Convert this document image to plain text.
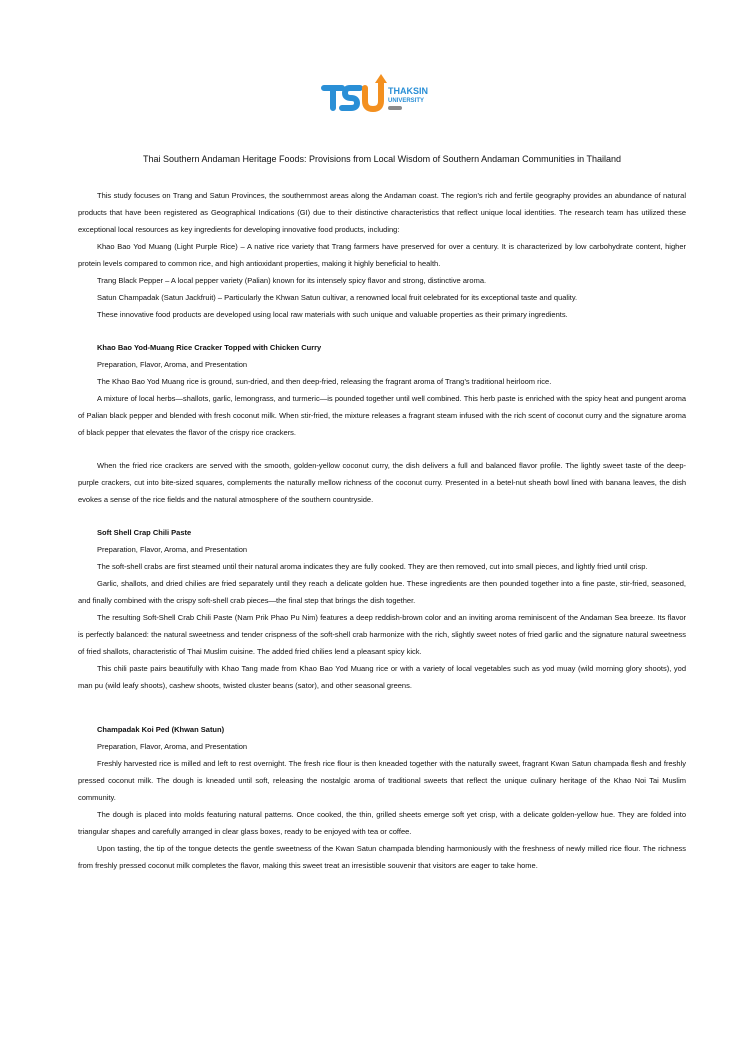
THAKSIN
UNIVERSITY
Thai Southern Andaman Heritage Foods: Provisions from Local Wisdom of Southern Andaman Communities in Thailand

This study focuses on Trang and Satun Provinces, the southernmost areas along the Andaman coast. The region’s rich and fertile geography provides an abundance of natural products that have been registered as Geographical Indications (GI) due to their distinctive characteristics that reflect unique local identities. The research team has utilized these exceptional local resources as key ingredients for developing innovative food products, including:

Khao Bao Yod Muang (Light Purple Rice) – A native rice variety that Trang farmers have preserved for over a century. It is characterized by low carbohydrate content, higher protein levels compared to common rice, and high antioxidant properties, making it highly beneficial to health.

Trang Black Pepper – A local pepper variety (Palian) known for its intensely spicy flavor and strong, distinctive aroma.

Satun Champadak (Satun Jackfruit) – Particularly the Khwan Satun cultivar, a renowned local fruit celebrated for its exceptional taste and quality.

These innovative food products are developed using local raw materials with such unique and valuable properties as their primary ingredients.

Khao Bao Yod-Muang Rice Cracker Topped with Chicken Curry

Preparation, Flavor, Aroma, and Presentation

The Khao Bao Yod Muang rice is ground, sun-dried, and then deep-fried, releasing the fragrant aroma of Trang’s traditional heirloom rice.

A mixture of local herbs—shallots, garlic, lemongrass, and turmeric—is pounded together until well combined. This herb paste is enriched with the spicy heat and pungent aroma of Palian black pepper and blended with fresh coconut milk. When stir-fried, the mixture releases a fragrant steam infused with the rich scent of coconut curry and the signature aroma of black pepper that elevates the flavor of the crispy rice crackers.

When the fried rice crackers are served with the smooth, golden-yellow coconut curry, the dish delivers a full and balanced flavor profile. The lightly sweet taste of the deep-purple crackers, cut into bite-sized squares, complements the naturally mellow richness of the coconut curry. Presented in a betel-nut sheath bowl lined with banana leaves, the dish evokes a sense of the rice fields and the natural atmosphere of the southern countryside.

Soft Shell Crap Chili Paste

Preparation, Flavor, Aroma, and Presentation

The soft-shell crabs are first steamed until their natural aroma indicates they are fully cooked. They are then removed, cut into small pieces, and lightly fried until crisp.

Garlic, shallots, and dried chilies are fried separately until they reach a delicate golden hue. These ingredients are then pounded together into a fine paste, stir-fried, seasoned, and finally combined with the crispy soft-shell crab pieces—the final step that brings the dish together.

The resulting Soft-Shell Crab Chili Paste (Nam Prik Phao Pu Nim) features a deep reddish-brown color and an inviting aroma reminiscent of the Andaman Sea breeze. Its flavor is perfectly balanced: the natural sweetness and tender crispness of the soft-shell crab harmonize with the rich, slightly sweet notes of fried garlic and the signature natural sweetness of fried shallots, characteristic of Thai Muslim cuisine. The added fried chilies lend a pleasant spicy kick.

This chili paste pairs beautifully with Khao Tang made from Khao Bao Yod Muang rice or with a variety of local vegetables such as yod muay (wild morning glory shoots), yod man pu (wild leafy shoots), cashew shoots, twisted cluster beans (sator), and other seasonal greens.

Champadak Koi Ped (Khwan Satun)

Preparation, Flavor, Aroma, and Presentation

Freshly harvested rice is milled and left to rest overnight. The fresh rice flour is then kneaded together with the naturally sweet, fragrant Kwan Satun champada flesh and freshly pressed coconut milk. The dough is kneaded until soft, releasing the nostalgic aroma of traditional sweets that reflect the unique culinary heritage of the Khao Noi Tai Muslim community.

The dough is placed into molds featuring natural patterns. Once cooked, the thin, grilled sheets emerge soft yet crisp, with a delicate golden-yellow hue. They are folded into triangular shapes and carefully arranged in clear glass boxes, ready to be enjoyed with tea or coffee.

Upon tasting, the tip of the tongue detects the gentle sweetness of the Kwan Satun champada blending harmoniously with the freshness of newly milled rice flour. The richness from freshly pressed coconut milk completes the flavor, making this sweet treat an irresistible souvenir that visitors are eager to take home.
